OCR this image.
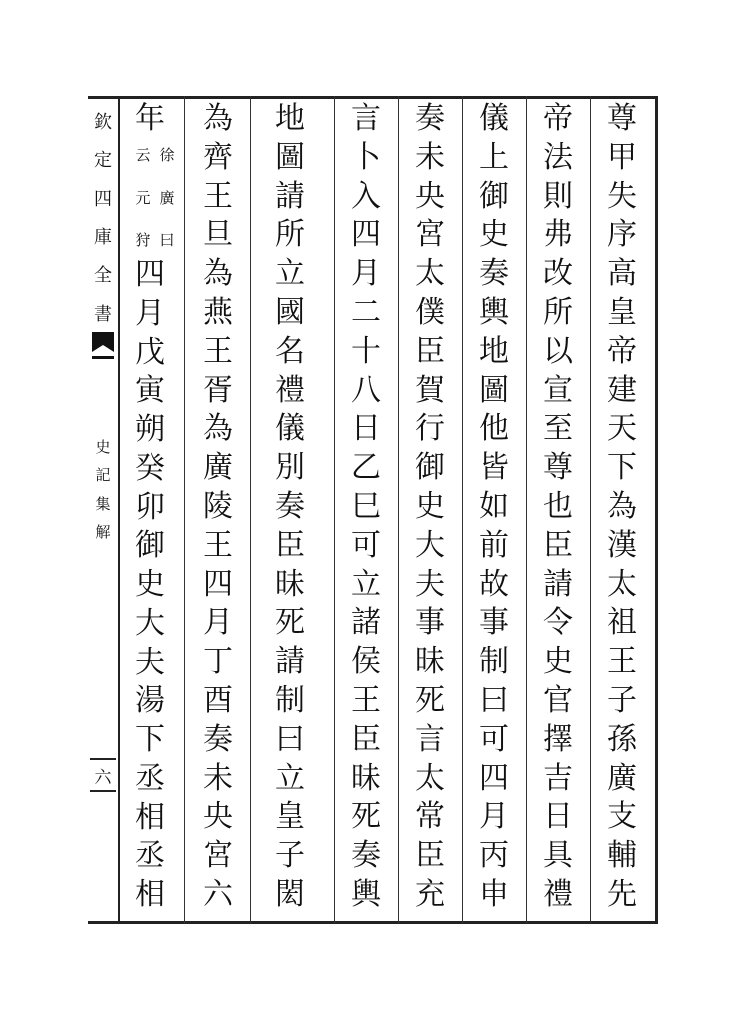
欽
定
四
庫
全
書
史
記
集
解
六
尊
甲
失
序
高
皇
帝
建
天
下
為
漢
太
祖
王
子
孫
廣
支
輔
先
帝
法
則
弗
改
所
以
宣
至
尊
也
臣
請
令
史
官
擇
吉
日
具
禮
儀
上
御
史
奏
輿
地
圖
他
皆
如
前
故
事
制
曰
可
四
月
丙
申
奏
未
央
宮
太
僕
臣
賀
行
御
史
大
夫
事
昧
死
言
太
常
臣
充
言
卜
入
四
月
二
十
八
日
乙
巳
可
立
諸
侯
王
臣
昧
死
奏
輿
地
圖
請
所
立
國
名
禮
儀
別
奏
臣
昧
死
請
制
曰
立
皇
子
閎
為
齊
王
旦
為
燕
王
胥
為
廣
陵
王
四
月
丁
酉
奏
未
央
宮
六
年
徐
廣
曰
云
元
狩
四
月
戊
寅
朔
癸
卯
御
史
大
夫
湯
下
丞
相
丞
相
